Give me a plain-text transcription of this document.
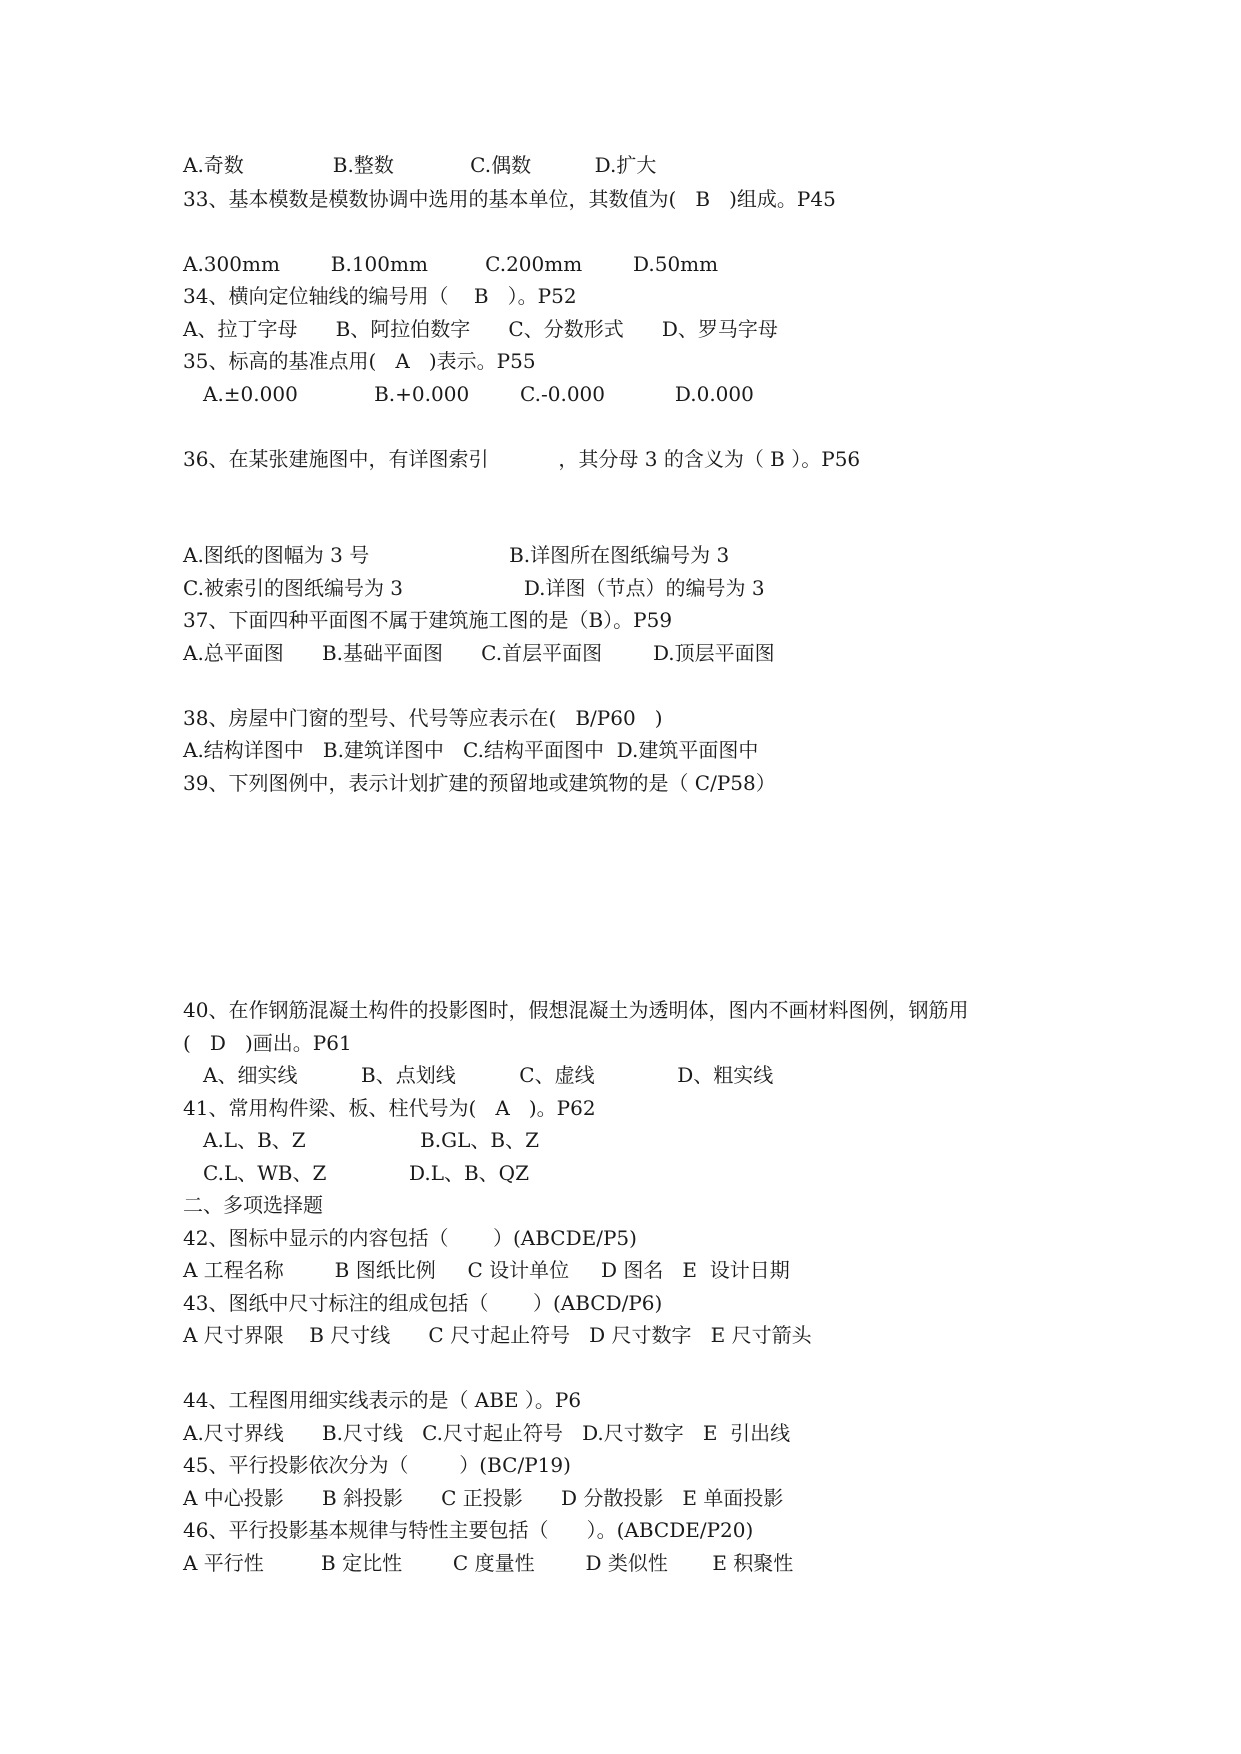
A.奇数              B.整数            C.偶数          D.扩大
33、基本模数是模数协调中选用的基本单位，其数值为(   B   )组成。P45
A.300mm        B.100mm         C.200mm        D.50mm
34、横向定位轴线的编号用（    B   ）。P52
A、拉丁字母      B、阿拉伯数字      C、分数形式      D、罗马字母
35、标高的基准点用(   A   )表示。P55
A.±0.000            B.+0.000        C.-0.000           D.0.000
36、在某张建施图中，有详图索引           ，其分母 3 的含义为（ B ）。P56
A.图纸的图幅为 3 号                      B.详图所在图纸编号为 3
C.被索引的图纸编号为 3                   D.详图（节点）的编号为 3
37、下面四种平面图不属于建筑施工图的是（B）。P59
A.总平面图      B.基础平面图      C.首层平面图        D.顶层平面图
38、房屋中门窗的型号、代号等应表示在(   B/P60   )
A.结构详图中   B.建筑详图中   C.结构平面图中  D.建筑平面图中
39、下列图例中，表示计划扩建的预留地或建筑物的是（ C/P58）
40、在作钢筋混凝土构件的投影图时，假想混凝土为透明体，图内不画材料图例，钢筋用
(   D   )画出。P61
A、细实线          B、点划线          C、虚线             D、粗实线
41、常用构件梁、板、柱代号为(   A   )。P62
A.L、B、Z                  B.GL、B、Z
C.L、WB、Z             D.L、B、QZ
二、多项选择题
42、图标中显示的内容包括（       ）(ABCDE/P5)
A 工程名称        B 图纸比例     C 设计单位     D 图名   E  设计日期
43、图纸中尺寸标注的组成包括（       ）(ABCD/P6)
A 尺寸界限    B 尺寸线      C 尺寸起止符号   D 尺寸数字   E 尺寸箭头
44、工程图用细实线表示的是（ ABE ）。P6
A.尺寸界线      B.尺寸线   C.尺寸起止符号   D.尺寸数字   E  引出线
45、平行投影依次分为（        ）(BC/P19)
A 中心投影      B 斜投影      C 正投影      D 分散投影   E 单面投影
46、平行投影基本规律与特性主要包括（      ）。(ABCDE/P20)
A 平行性         B 定比性        C 度量性        D 类似性       E 积聚性
